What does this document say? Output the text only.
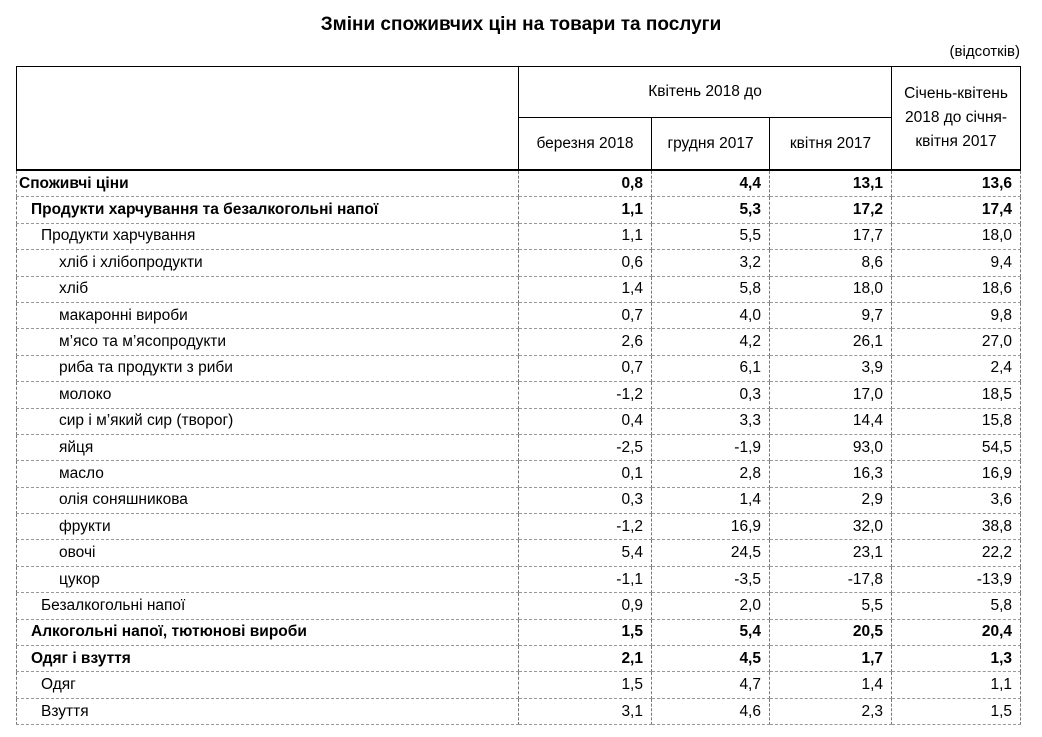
Зміни споживчих цін на товари та послуги
(відсотків)
	Квітень 2018 до			Січень-квітень 2018 до січня-квітня 2017
	березня 2018	грудня 2017	квітня 2017	
Споживчі ціни	0,8	4,4	13,1	13,6
Продукти харчування та безалкогольні напої	1,1	5,3	17,2	17,4
Продукти харчування	1,1	5,5	17,7	18,0
хліб і хлібопродукти	0,6	3,2	8,6	9,4
хліб	1,4	5,8	18,0	18,6
макаронні вироби	0,7	4,0	9,7	9,8
м’ясо та м’ясопродукти	2,6	4,2	26,1	27,0
риба та продукти з риби	0,7	6,1	3,9	2,4
молоко	-1,2	0,3	17,0	18,5
сир і м’який сир (творог)	0,4	3,3	14,4	15,8
яйця	-2,5	-1,9	93,0	54,5
масло	0,1	2,8	16,3	16,9
олія соняшникова	0,3	1,4	2,9	3,6
фрукти	-1,2	16,9	32,0	38,8
овочі	5,4	24,5	23,1	22,2
цукор	-1,1	-3,5	-17,8	-13,9
Безалкогольні напої	0,9	2,0	5,5	5,8
Алкогольні напої, тютюнові вироби	1,5	5,4	20,5	20,4
Одяг і взуття	2,1	4,5	1,7	1,3
Одяг	1,5	4,7	1,4	1,1
Взуття	3,1	4,6	2,3	1,5
